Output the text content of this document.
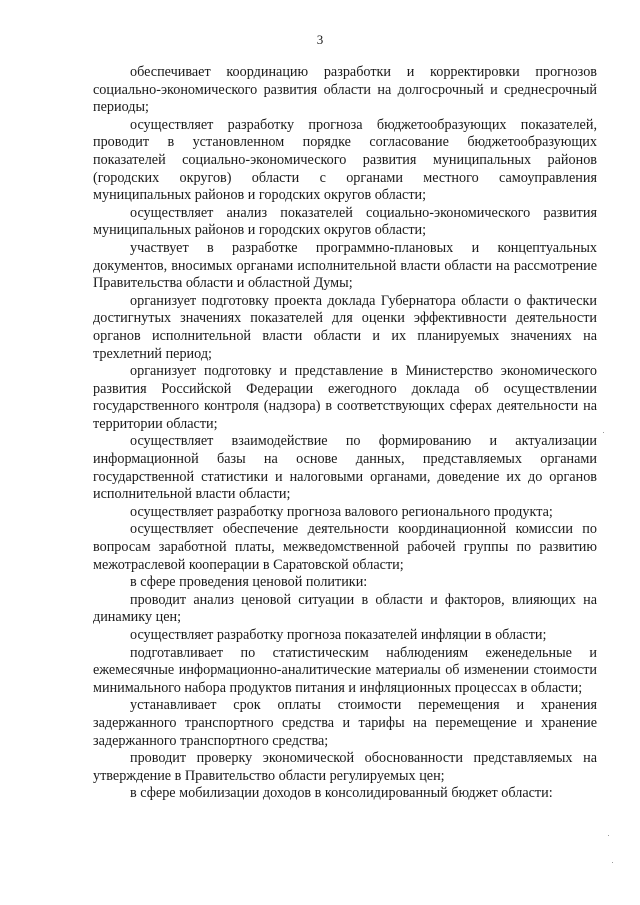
3

обеспечивает координацию разработки и корректировки прогнозов социально-экономического развития области на долгосрочный и среднесрочный периоды;

осуществляет разработку прогноза бюджетообразующих показателей, проводит в установленном порядке согласование бюджетообразующих показателей социально-экономического развития муниципальных районов (городских округов) области с органами местного самоуправления муниципальных районов и городских округов области;

осуществляет анализ показателей социально-экономического развития муниципальных районов и городских округов области;

участвует в разработке программно-плановых и концептуальных документов, вносимых органами исполнительной власти области на рассмотрение Правительства области и областной Думы;

организует подготовку проекта доклада Губернатора области о фактически достигнутых значениях показателей для оценки эффективности деятельности органов исполнительной власти области и их планируемых значениях на трехлетний период;

организует подготовку и представление в Министерство экономического развития Российской Федерации ежегодного доклада об осуществлении государственного контроля (надзора) в соответствующих сферах деятельности на территории области;

осуществляет взаимодействие по формированию и актуализации информационной базы на основе данных, представляемых органами государственной статистики и налоговыми органами, доведение их до органов исполнительной власти области;

осуществляет разработку прогноза валового регионального продукта;

осуществляет обеспечение деятельности координационной комиссии по вопросам заработной платы, межведомственной рабочей группы по развитию межотраслевой кооперации в Саратовской области;

в сфере проведения ценовой политики:

проводит анализ ценовой ситуации в области и факторов, влияющих на динамику цен;

осуществляет разработку прогноза показателей инфляции в области;

подготавливает по статистическим наблюдениям еженедельные и ежемесячные информационно-аналитические материалы об изменении стоимости минимального набора продуктов питания и инфляционных процессах в области;

устанавливает срок оплаты стоимости перемещения и хранения задержанного транспортного средства и тарифы на перемещение и хранение задержанного транспортного средства;

проводит проверку экономической обоснованности представляемых на утверждение в Правительство области регулируемых цен;

в сфере мобилизации доходов в консолидированный бюджет области:
